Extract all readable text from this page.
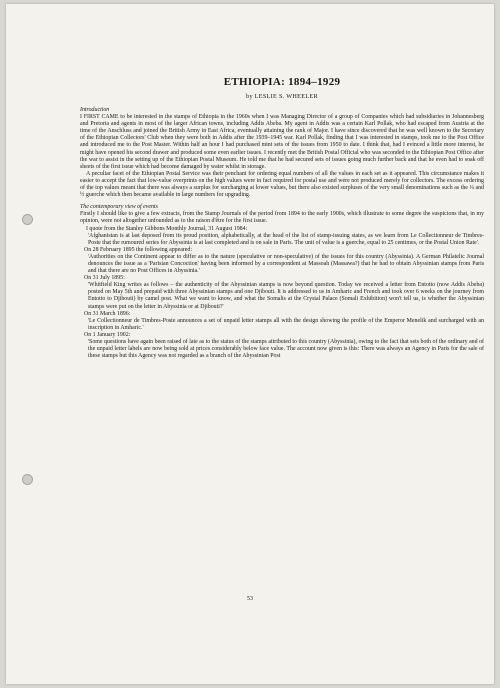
ETHIOPIA: 1894–1929
by LESLIE S. WHEELER
Introduction

I FIRST CAME to be interested in the stamps of Ethiopia in the 1960s when I was Managing Director of a group of Companies which had subsidiaries in Johannesberg and Pretoria and agents in most of the larger African towns, including Addis Abeba. My agent in Addis was a certain Karl Pollak, who had escaped from Austria at the time of the Anschluss and joined the British Army in East Africa, eventually attaining the rank of Major. I have since discovered that he was well known to the Secretary of the Ethiopian Collectors' Club when they were both in Addis after the 1939–1945 war. Karl Pollak, finding that I was interested in stamps, took me to the Post Office and introduced me to the Post Master. Within half an hour I had purchased mint sets of the issues from 1950 to date. I think that, had I evinced a little more interest, he might have opened his second drawer and produced some even earlier issues. I recently met the British Postal Official who was seconded to the Ethiopian Post Office after the war to assist in the setting up of the Ethiopian Postal Museum. He told me that he had secured sets of issues going much further back and that he even had to soak off sheets of the first issue which had become damaged by water whilst in storage.

A peculiar facet of the Ethiopian Postal Service was their penchant for ordering equal numbers of all the values in each set as it appeared. This circumstance makes it easier to accept the fact that low-value overprints on the high values were in fact required for postal use and were not produced merely for collectors. The excess ordering of the top values meant that there was always a surplus for surcharging at lower values, but there also existed surpluses of the very small denominations such as the ¼ and ½ guerche which then became available in large numbers for upgrading.

The contemporary view of events

Firstly I should like to give a few extracts, from the Stamp Journals of the period from 1894 to the early 1900s, which illustrate to some degree the suspicions that, in my opinion, were not altogether unfounded as to the raison d'être for the first issue.

I quote from the Stanley Gibbons Monthly Journal, 31 August 1984:

'Afghanistan is at last deposed from its proud position, alphabetically, at the head of the list of stamp-issuing states, as we learn from Le Collectionneur de Timbres-Poste that the rumoured series for Abyssinia is at last completed and is on sale in Paris. The unit of value is a guerche, equal to 25 centimes, or the Postal Union Rate'.

On 28 February 1895 the following appeared:

'Authorities on the Continent appear to differ as to the nature (speculative or non-speculative) of the issues for this country (Abyssinia). A German Philatelic Journal denounces the issue as a 'Parisian Concoction' having been informed by a correspondent at Massoah (Massawa?) that he had to obtain Abyssinian stamps from Paris and that there are no Post Offices in Abyssinia.'

On 31 July 1895:

'Whitfield King writes as follows – the authenticity of the Abyssinian stamps is now beyond question. Today we received a letter from Entotto (now Addis Abeba) posted on May 5th and prepaid with three Abyssinian stamps and one Djibouti. It is addressed to us in Amharic and French and took over 6 weeks on the journey from Entotto to Djibouti) by camel post. What we want to know, and what the Somalis at the Crystal Palace (Somali Exhibition) won't tell us, is whether the Abyssinian stamps were put on the letter in Abyssinia or at Djibouti?'

On 31 March 1896:

'Le Collectionneur de Timbres-Poste announces a set of unpaid letter stamps all with the design showing the profile of the Emperor Menelik and surcharged with an inscription in Amharic.'

On 1 January 1902:

'Some questions have again been raised of late as to the status of the stamps attributed to this country (Abyssinia), owing to the fact that sets both of the ordinary and of the unpaid letter labels are now being sold at prices considerably below face value. The account now given is this: There was always an Agency in Paris for the sale of these stamps but this Agency was not regarded as a branch of the Abyssinian Post

53
